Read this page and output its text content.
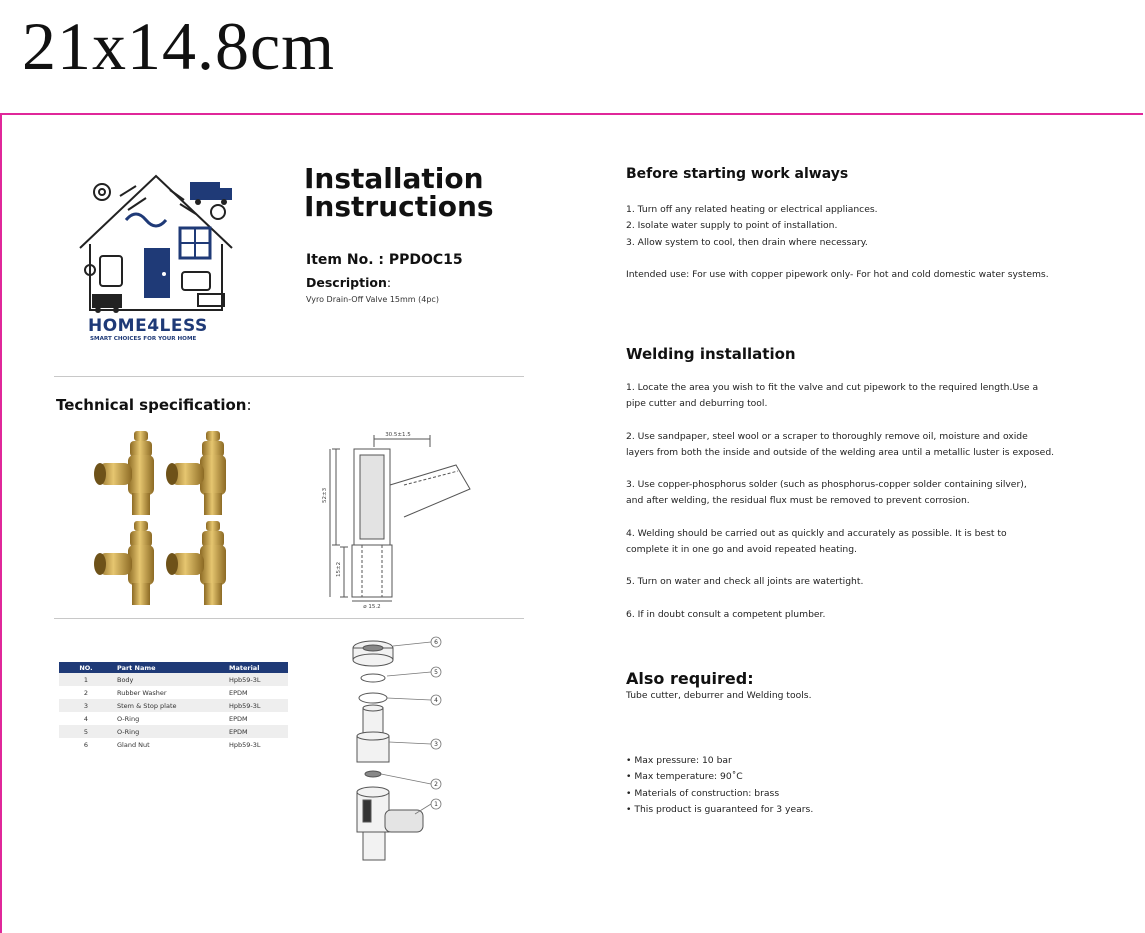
21x14.8cm
HOME4LESS
SMART CHOICES FOR YOUR HOME
Installation
Instructions
Item No. : PPDOC15
Description:
Vyro Drain-Off Valve 15mm (4pc)
Technical specification:
30.5±1.5
52±3
15±2
⌀ 15.2
NO.	Part Name	Material
1	Body	Hpb59-3L
2	Rubber Washer	EPDM
3	Stem & Stop plate	Hpb59-3L
4	O-Ring	EPDM
5	O-Ring	EPDM
6	Gland Nut	Hpb59-3L
6
5
4
3
2
1
Before starting work always

1. Turn off any related heating or electrical appliances.

2. Isolate water supply to point of installation.

3. Allow system to cool, then drain where necessary.

Intended use: For use with copper pipework only- For hot and cold domestic water systems.

Welding installation

1. Locate the area you wish to fit the valve and cut pipework to the required length.Use a

pipe cutter and deburring tool.

2. Use sandpaper, steel wool or a scraper to thoroughly remove oil, moisture and oxide

layers from both the inside and outside of the welding area until a metallic luster is exposed.

3. Use copper-phosphorus solder (such as phosphorus-copper solder containing silver),

and after welding, the residual flux must be removed to prevent corrosion.

4. Welding should be carried out as quickly and accurately as possible. It is best to

complete it in one go and avoid repeated heating.

5. Turn on water and check all joints are watertight.

6. If in doubt consult a competent plumber.

Also required:
Tube cutter, deburrer and Welding tools.

• Max pressure: 10 bar

• Max temperature: 90˚C

• Materials of construction: brass

• This product is guaranteed for 3 years.
